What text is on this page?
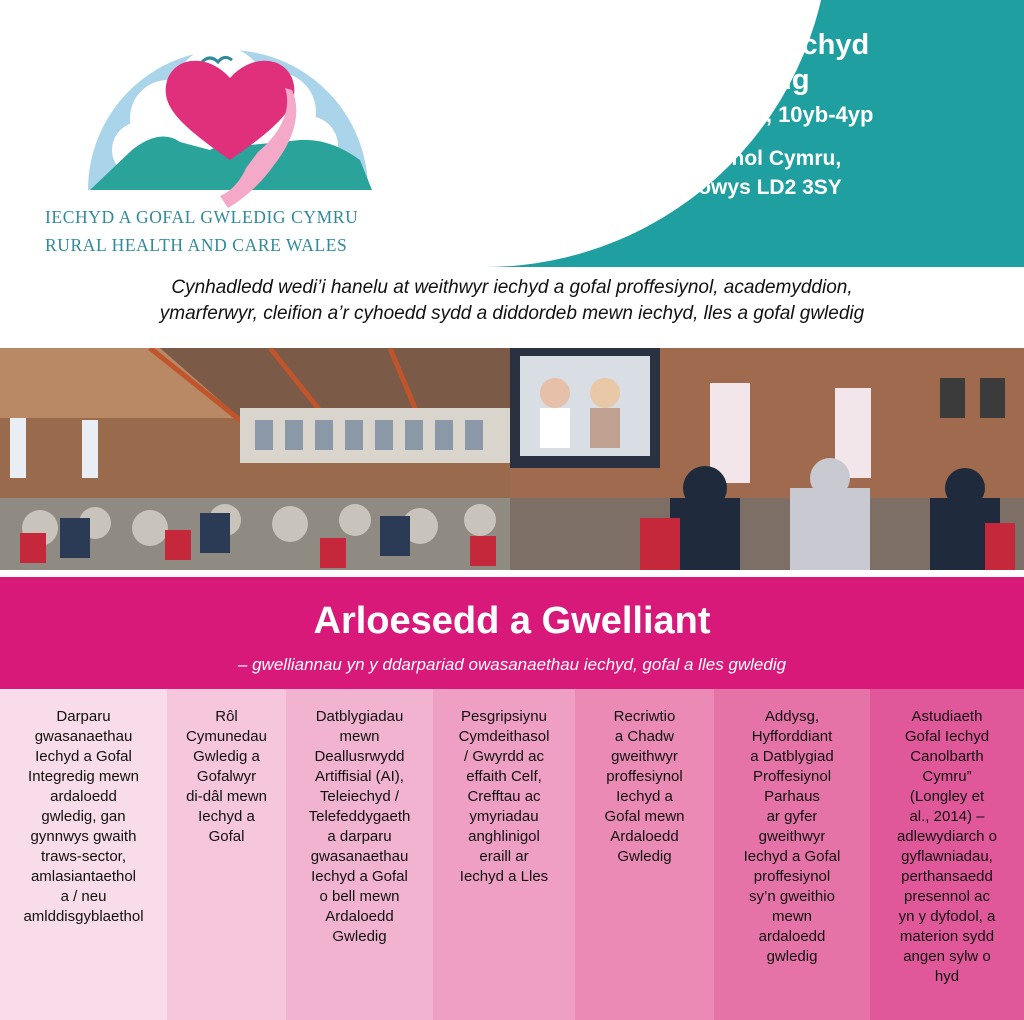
IECHYD A GOFAL GWLEDIG CYMRU
RURAL HEALTH AND CARE WALES
Cynhadledd 2025 Iechyd
a Gofal Gwledig
Tachwedd 11 a 12 2025, 10yb-4yp
Maes Sioe Frenhinol Cymru,
Llanelwedd, Powys LD2 3SY
Cynhadledd wedi’i hanelu at weithwyr iechyd a gofal proffesiynol, academyddion,
ymarferwyr, cleifion a’r cyhoedd sydd a diddordeb mewn iechyd, lles a gofal gwledig
Arloesedd a Gwelliant
– gwelliannau yn y ddarpariad owasanaethau iechyd, gofal a lles gwledig
Darparu
gwasanaethau
Iechyd a Gofal
Integredig mewn
ardaloedd
gwledig, gan
gynnwys gwaith
traws-sector,
amlasiantaethol
a / neu
amlddisgyblaethol
Rôl
Cymunedau
Gwledig a
Gofalwyr
di-dâl mewn
Iechyd a
Gofal
Datblygiadau
mewn
Deallusrwydd
Artiffisial (AI),
Teleiechyd /
Telefeddygaeth
a darparu
gwasanaethau
Iechyd a Gofal
o bell mewn
Ardaloedd
Gwledig
Pesgripsiynu
Cymdeithasol
/ Gwyrdd ac
effaith Celf,
Crefftau ac
ymyriadau
anghlinigol
eraill ar
Iechyd a Lles
Recriwtio
a Chadw
gweithwyr
proffesiynol
Iechyd a
Gofal mewn
Ardaloedd
Gwledig
Addysg,
Hyfforddiant
a Datblygiad
Proffesiynol
Parhaus
ar gyfer
gweithwyr
Iechyd a Gofal
proffesiynol
sy’n gweithio
mewn
ardaloedd
gwledig
Astudiaeth
Gofal Iechyd
Canolbarth
Cymru”
(Longley et
al., 2014) –
adlewydiarch o
gyflawniadau,
perthansaedd
presennol ac
yn y dyfodol, a
materion sydd
angen sylw o
hyd
